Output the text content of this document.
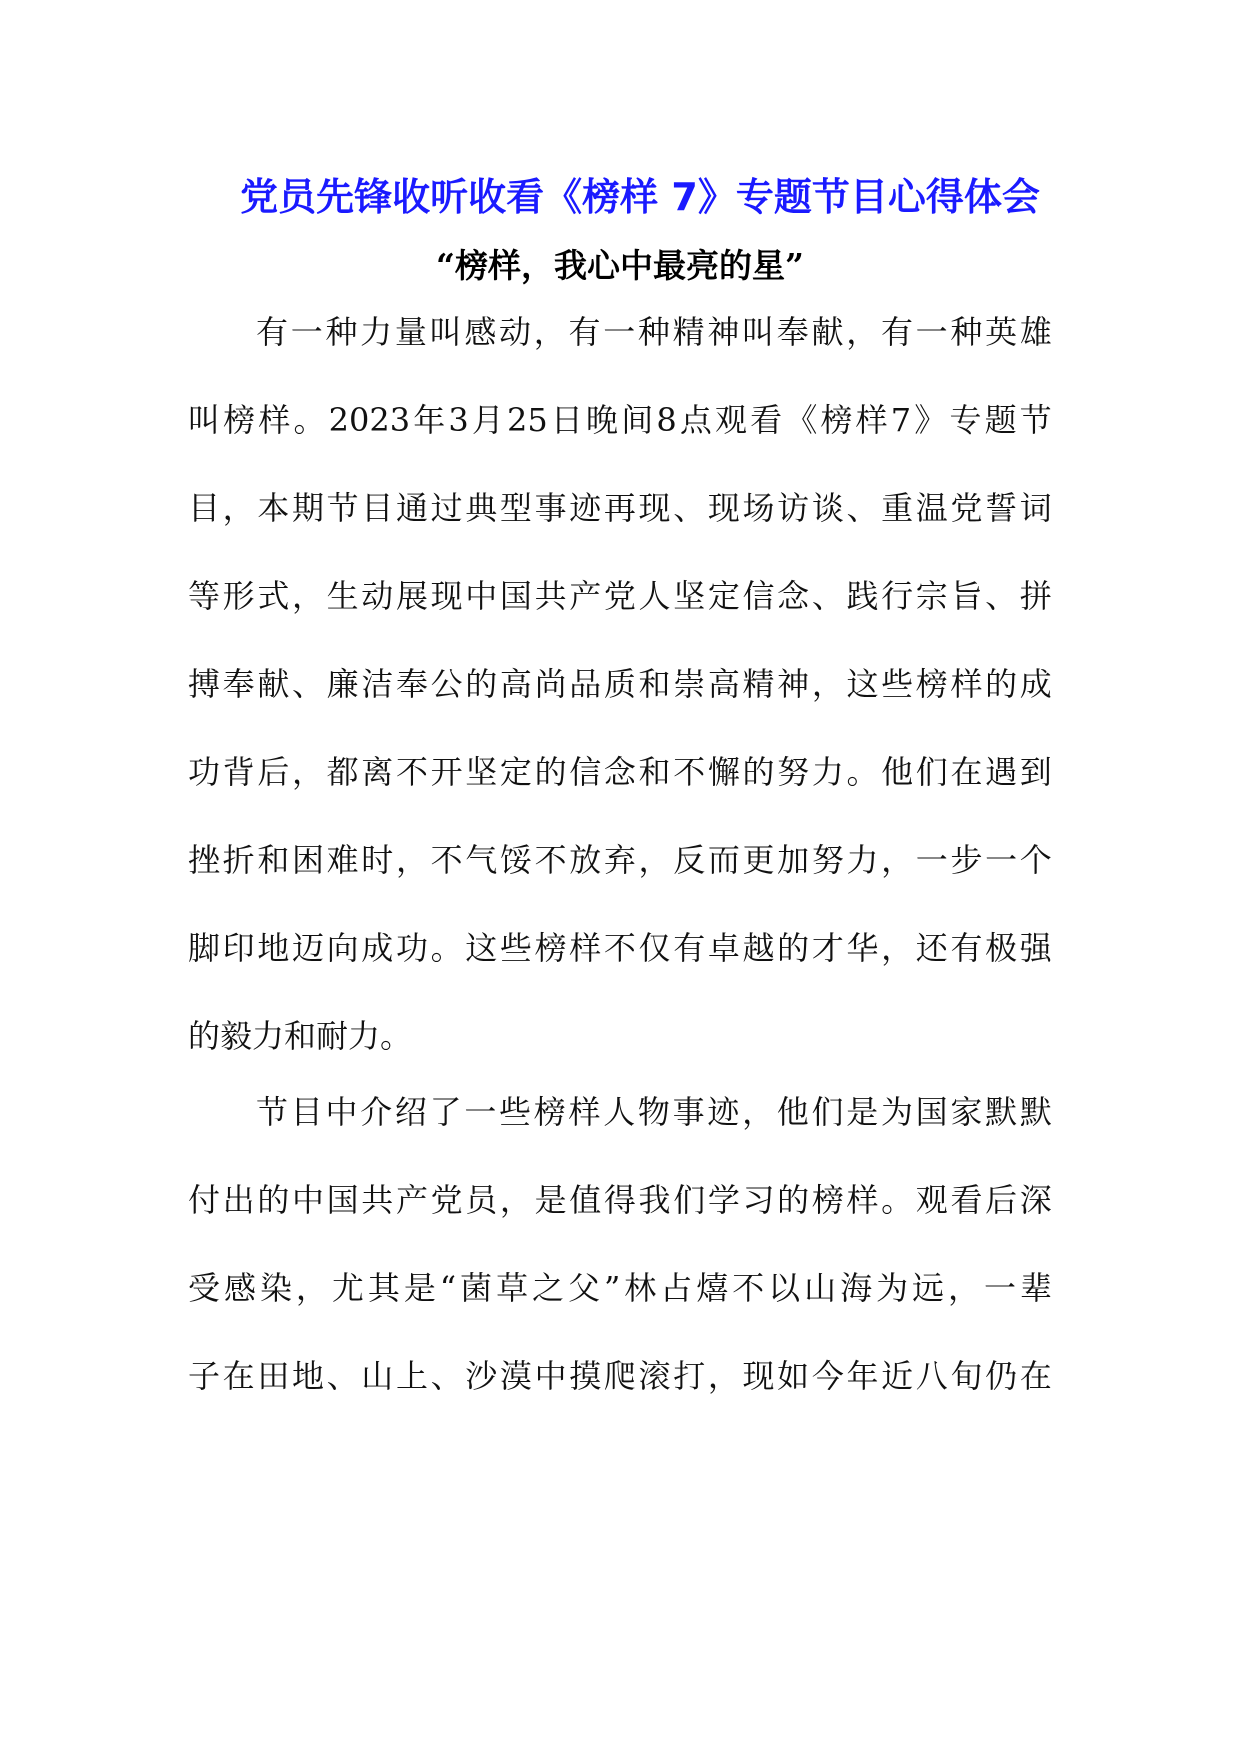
党员先锋收听收看《榜样 7》专题节目心得体会
“榜样，我心中最亮的星”
有 一 种 力 量 叫 感 动 ， 有 一 种 精 神 叫 奉 献 ， 有 一 种 英 雄
叫 榜 样 。 2023 年 3 月 25 日 晚 间 8 点 观 看 《 榜 样 7 》 专 题 节
目 ， 本 期 节 目 通 过 典 型 事 迹 再 现 、 现 场 访 谈 、 重 温 党 誓 词
等 形 式 ， 生 动 展 现 中 国 共 产 党 人 坚 定 信 念 、 践 行 宗 旨 、 拼
搏 奉 献 、 廉 洁 奉 公 的 高 尚 品 质 和 崇 高 精 神 ， 这 些 榜 样 的 成
功 背 后 ， 都 离 不 开 坚 定 的 信 念 和 不 懈 的 努 力 。 他 们 在 遇 到
挫 折 和 困 难 时 ， 不 气 馁 不 放 弃 ， 反 而 更 加 努 力 ， 一 步 一 个
脚 印 地 迈 向 成 功 。 这 些 榜 样 不 仅 有 卓 越 的 才 华 ， 还 有 极 强
的毅力和耐力。
节 目 中 介 绍 了 一 些 榜 样 人 物 事 迹 ， 他 们 是 为 国 家 默 默
付 出 的 中 国 共 产 党 员 ， 是 值 得 我 们 学 习 的 榜 样 。 观 看 后 深
受 感 染 ， 尤 其 是 “ 菌 草 之 父 ” 林 占 熺 不 以 山 海 为 远 ， 一 辈
子 在 田 地 、 山 上 、 沙 漠 中 摸 爬 滚 打 ， 现 如 今 年 近 八 旬 仍 在
